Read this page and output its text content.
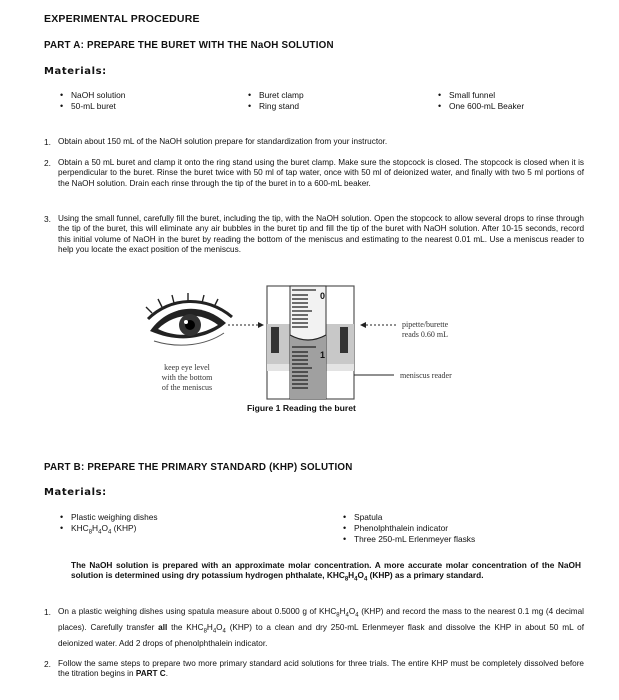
EXPERIMENTAL PROCEDURE
PART A: PREPARE THE BURET WITH THE NaOH SOLUTION
Materials:
• NaOH solution
• 50-mL buret
• Buret clamp
• Ring stand
• Small funnel
• One 600-mL Beaker
1. Obtain about 150 mL of the NaOH solution prepare for standardization from your instructor.
2. Obtain a 50 mL buret and clamp it onto the ring stand using the buret clamp. Make sure the stopcock is closed. The stopcock is closed when it is perpendicular to the buret. Rinse the buret twice with 50 ml of tap water, once with 50 ml of deionized water, and finally with two 5 ml portions of the NaOH solution. Drain each rinse through the tip of the buret in to a 600-mL beaker.
3. Using the small funnel, carefully fill the buret, including the tip, with the NaOH solution. Open the stopcock to allow several drops to rinse through the tip of the buret, this will eliminate any air bubbles in the buret tip and fill the tip of the buret with NaOH solution. After 10-15 seconds, record this initial volume of NaOH in the buret by reading the bottom of the meniscus and estimating to the nearest 0.01 mL. Use a meniscus reader to help you locate the exact position of the meniscus.
0
1
pipette/burette
reads 0.60 mL
meniscus reader
keep eye level
with the bottom
of the meniscus
Figure 1 Reading the buret
PART B: PREPARE THE PRIMARY STANDARD (KHP) SOLUTION
Materials:
• Plastic weighing dishes
• $KHC_8H_4O_4$ (KHP)
• Spatula
• Phenolphthalein indicator
• Three 250-mL Erlenmeyer flasks
The NaOH solution is prepared with an approximate molar concentration. A more accurate molar concentration of the NaOH solution is determined using dry potassium hydrogen phthalate, $KHC_8H_4O_4$ (KHP) as a primary standard.
1. On a plastic weighing dishes using spatula measure about 0.5000 g of $KHC_8H_4O_4$ (KHP) and record the mass to the nearest 0.1 mg (4 decimal places). Carefully transfer all the $KHC_8H_4O_4$ (KHP) to a clean and dry 250-mL Erlenmeyer flask and dissolve the KHP in about 50 mL of deionized water. Add 2 drops of phenolphthalein indicator.
2. Follow the same steps to prepare two more primary standard acid solutions for three trials. The entire KHP must be completely dissolved before the titration begins in PART C.
